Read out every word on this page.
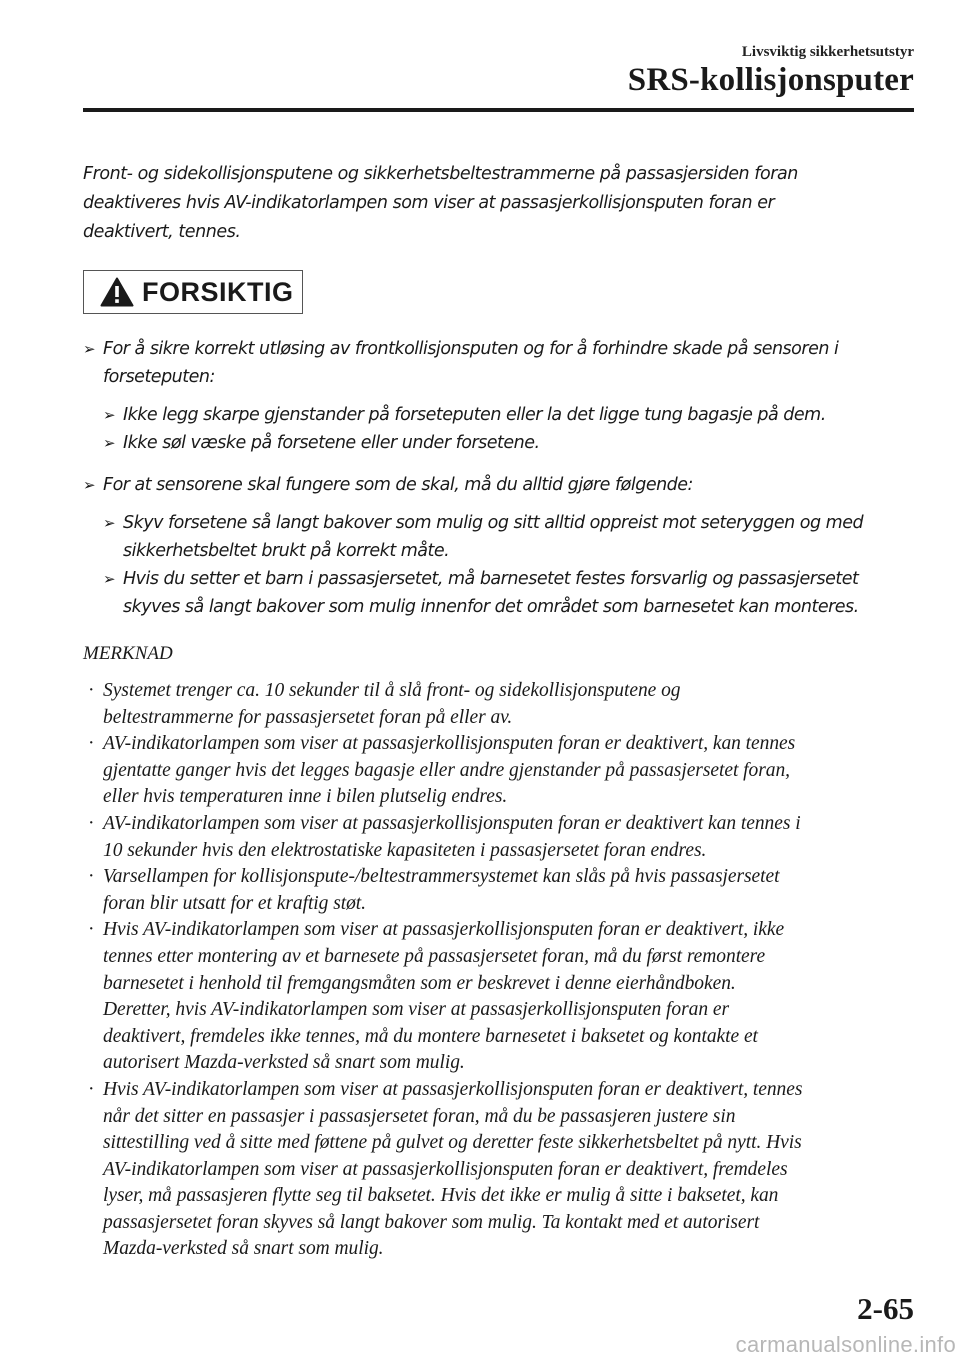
Livsviktig sikkerhetsutstyr
SRS-kollisjonsputer
Front- og sidekollisjonsputene og sikkerhetsbeltestrammerne på passasjersiden foran
deaktiveres hvis AV-indikatorlampen som viser at passasjerkollisjonsputen foran er
deaktivert, tennes.
FORSIKTIG
➢ For å sikre korrekt utløsing av frontkollisjonsputen og for å forhindre skade på sensoren i
forseteputen:
➢ Ikke legg skarpe gjenstander på forseteputen eller la det ligge tung bagasje på dem.
➢ Ikke søl væske på forsetene eller under forsetene.
➢ For at sensorene skal fungere som de skal, må du alltid gjøre følgende:
➢ Skyv forsetene så langt bakover som mulig og sitt alltid oppreist mot seteryggen og med
sikkerhetsbeltet brukt på korrekt måte.
➢ Hvis du setter et barn i passasjersetet, må barnesetet festes forsvarlig og passasjersetet
skyves så langt bakover som mulig innenfor det området som barnesetet kan monteres.
MERKNAD
· Systemet trenger ca. 10 sekunder til å slå front- og sidekollisjonsputene og
beltestrammerne for passasjersetet foran på eller av.
· AV-indikatorlampen som viser at passasjerkollisjonsputen foran er deaktivert, kan tennes
gjentatte ganger hvis det legges bagasje eller andre gjenstander på passasjersetet foran,
eller hvis temperaturen inne i bilen plutselig endres.
· AV-indikatorlampen som viser at passasjerkollisjonsputen foran er deaktivert kan tennes i
10 sekunder hvis den elektrostatiske kapasiteten i passasjersetet foran endres.
· Varsellampen for kollisjonspute-/beltestrammersystemet kan slås på hvis passasjersetet
foran blir utsatt for et kraftig støt.
· Hvis AV-indikatorlampen som viser at passasjerkollisjonsputen foran er deaktivert, ikke
tennes etter montering av et barnesete på passasjersetet foran, må du først remontere
barnesetet i henhold til fremgangsmåten som er beskrevet i denne eierhåndboken.
Deretter, hvis AV-indikatorlampen som viser at passasjerkollisjonsputen foran er
deaktivert, fremdeles ikke tennes, må du montere barnesetet i baksetet og kontakte et
autorisert Mazda-verksted så snart som mulig.
· Hvis AV-indikatorlampen som viser at passasjerkollisjonsputen foran er deaktivert, tennes
når det sitter en passasjer i passasjersetet foran, må du be passasjeren justere sin
sittestilling ved å sitte med føttene på gulvet og deretter feste sikkerhetsbeltet på nytt. Hvis
AV-indikatorlampen som viser at passasjerkollisjonsputen foran er deaktivert, fremdeles
lyser, må passasjeren flytte seg til baksetet. Hvis det ikke er mulig å sitte i baksetet, kan
passasjersetet foran skyves så langt bakover som mulig. Ta kontakt med et autorisert
Mazda-verksted så snart som mulig.
2-65
carmanualsonline.info
